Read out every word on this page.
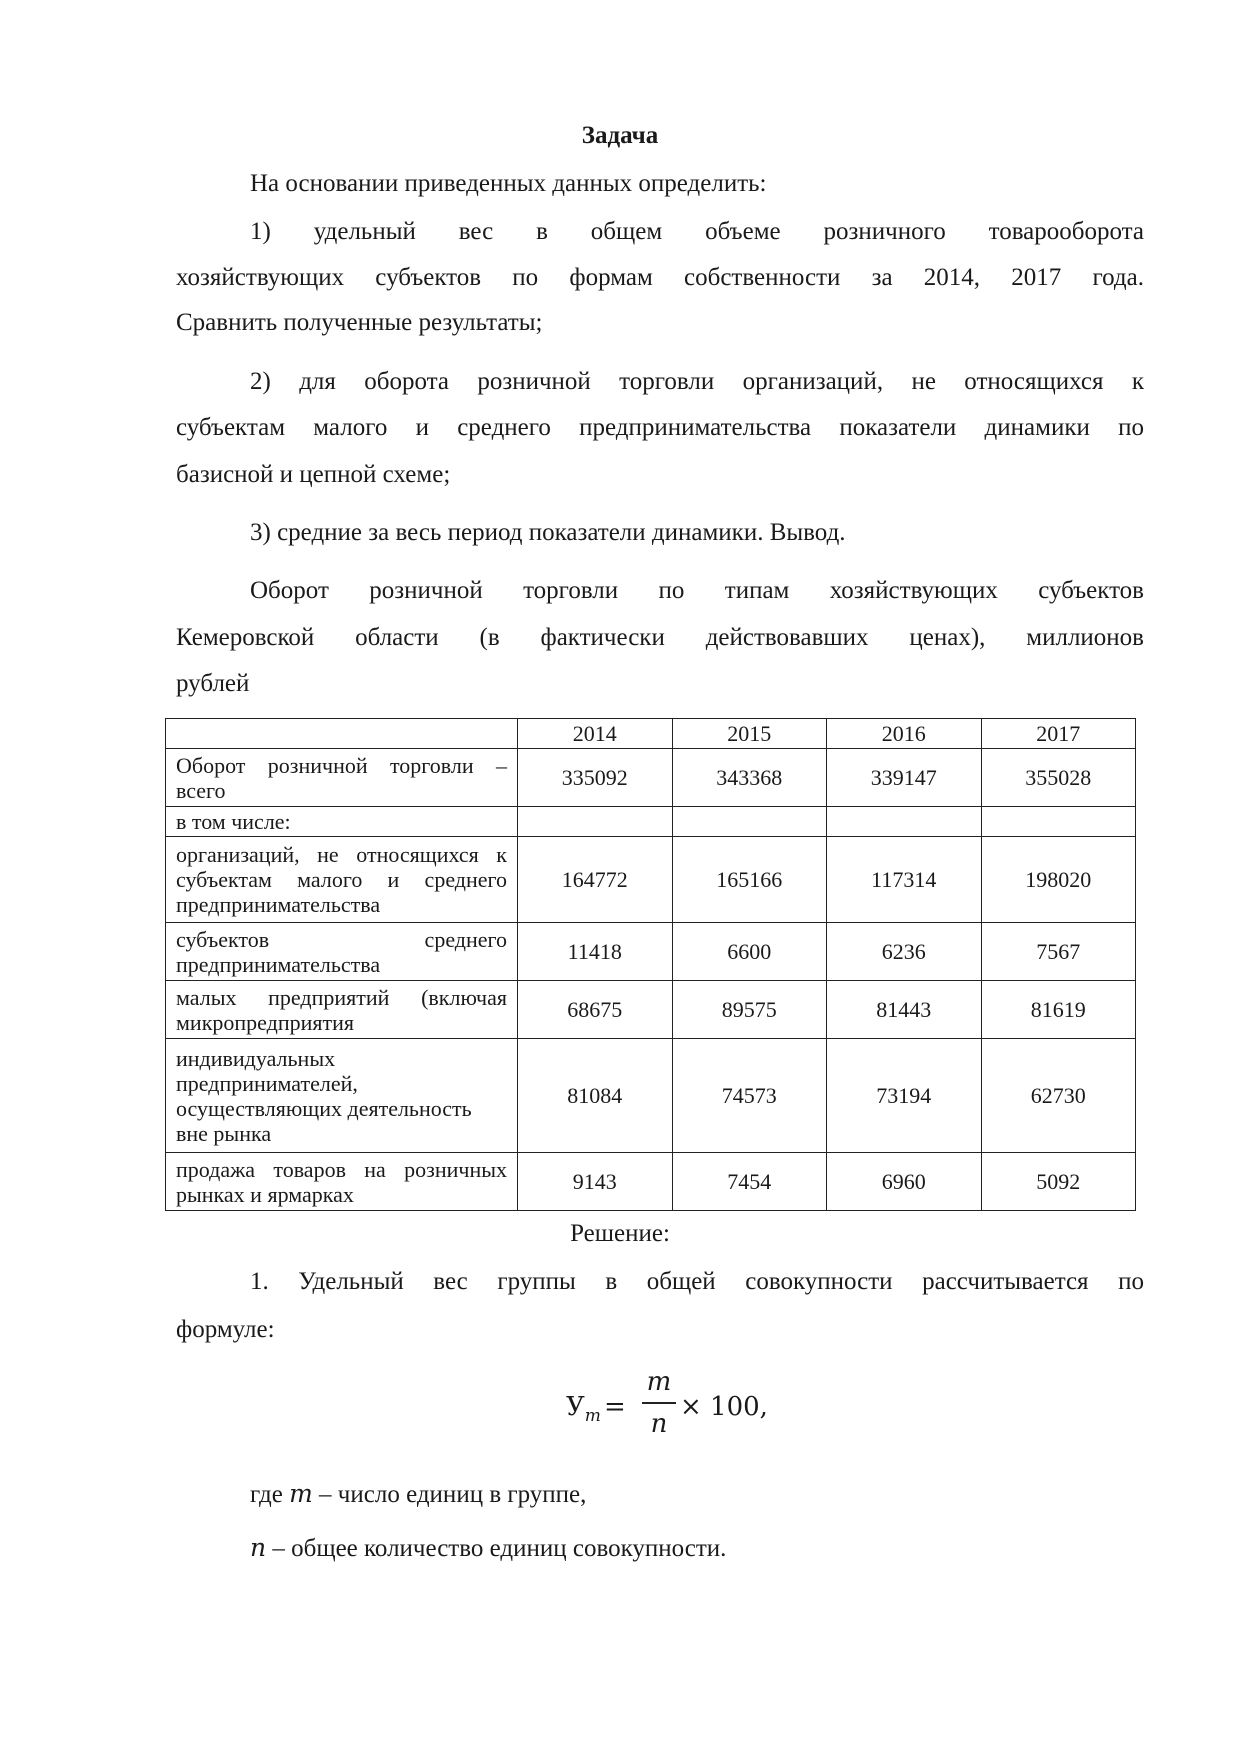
Задача
На основании приведенных данных определить:
1) удельный вес в общем объеме розничного товарооборота
хозяйствующих субъектов по формам собственности за 2014, 2017 года.
Сравнить полученные результаты;
2) для оборота розничной торговли организаций, не относящихся к
субъектам малого и среднего предпринимательства показатели динамики по
базисной и цепной схеме;
3) средние за весь период показатели динамики. Вывод.
Оборот розничной торговли по типам хозяйствующих субъектов
Кемеровской области (в фактически действовавших ценах), миллионов
рублей
	2014	2015	2016	2017
Оборот розничной торговли – всего	335092	343368	339147	355028
в том числе:				
организаций, не относящихся к субъектам малого и среднего предпринимательства	164772	165166	117314	198020
субъектов среднего предпринимательства	11418	6600	6236	7567
малых предприятий (включая микропредприятия	68675	89575	81443	81619
индивидуальных предпринимателей, осуществляющих деятельность вне рынка	81084	74573	73194	62730
продажа товаров на розничных рынках и ярмарках	9143	7454	6960	5092
Решение:
1. Удельный вес группы в общей совокупности рассчитывается по
формуле:
$У_m$ =
m
n
× 100,
где m – число единиц в группе,
n – общее количество единиц совокупности.
